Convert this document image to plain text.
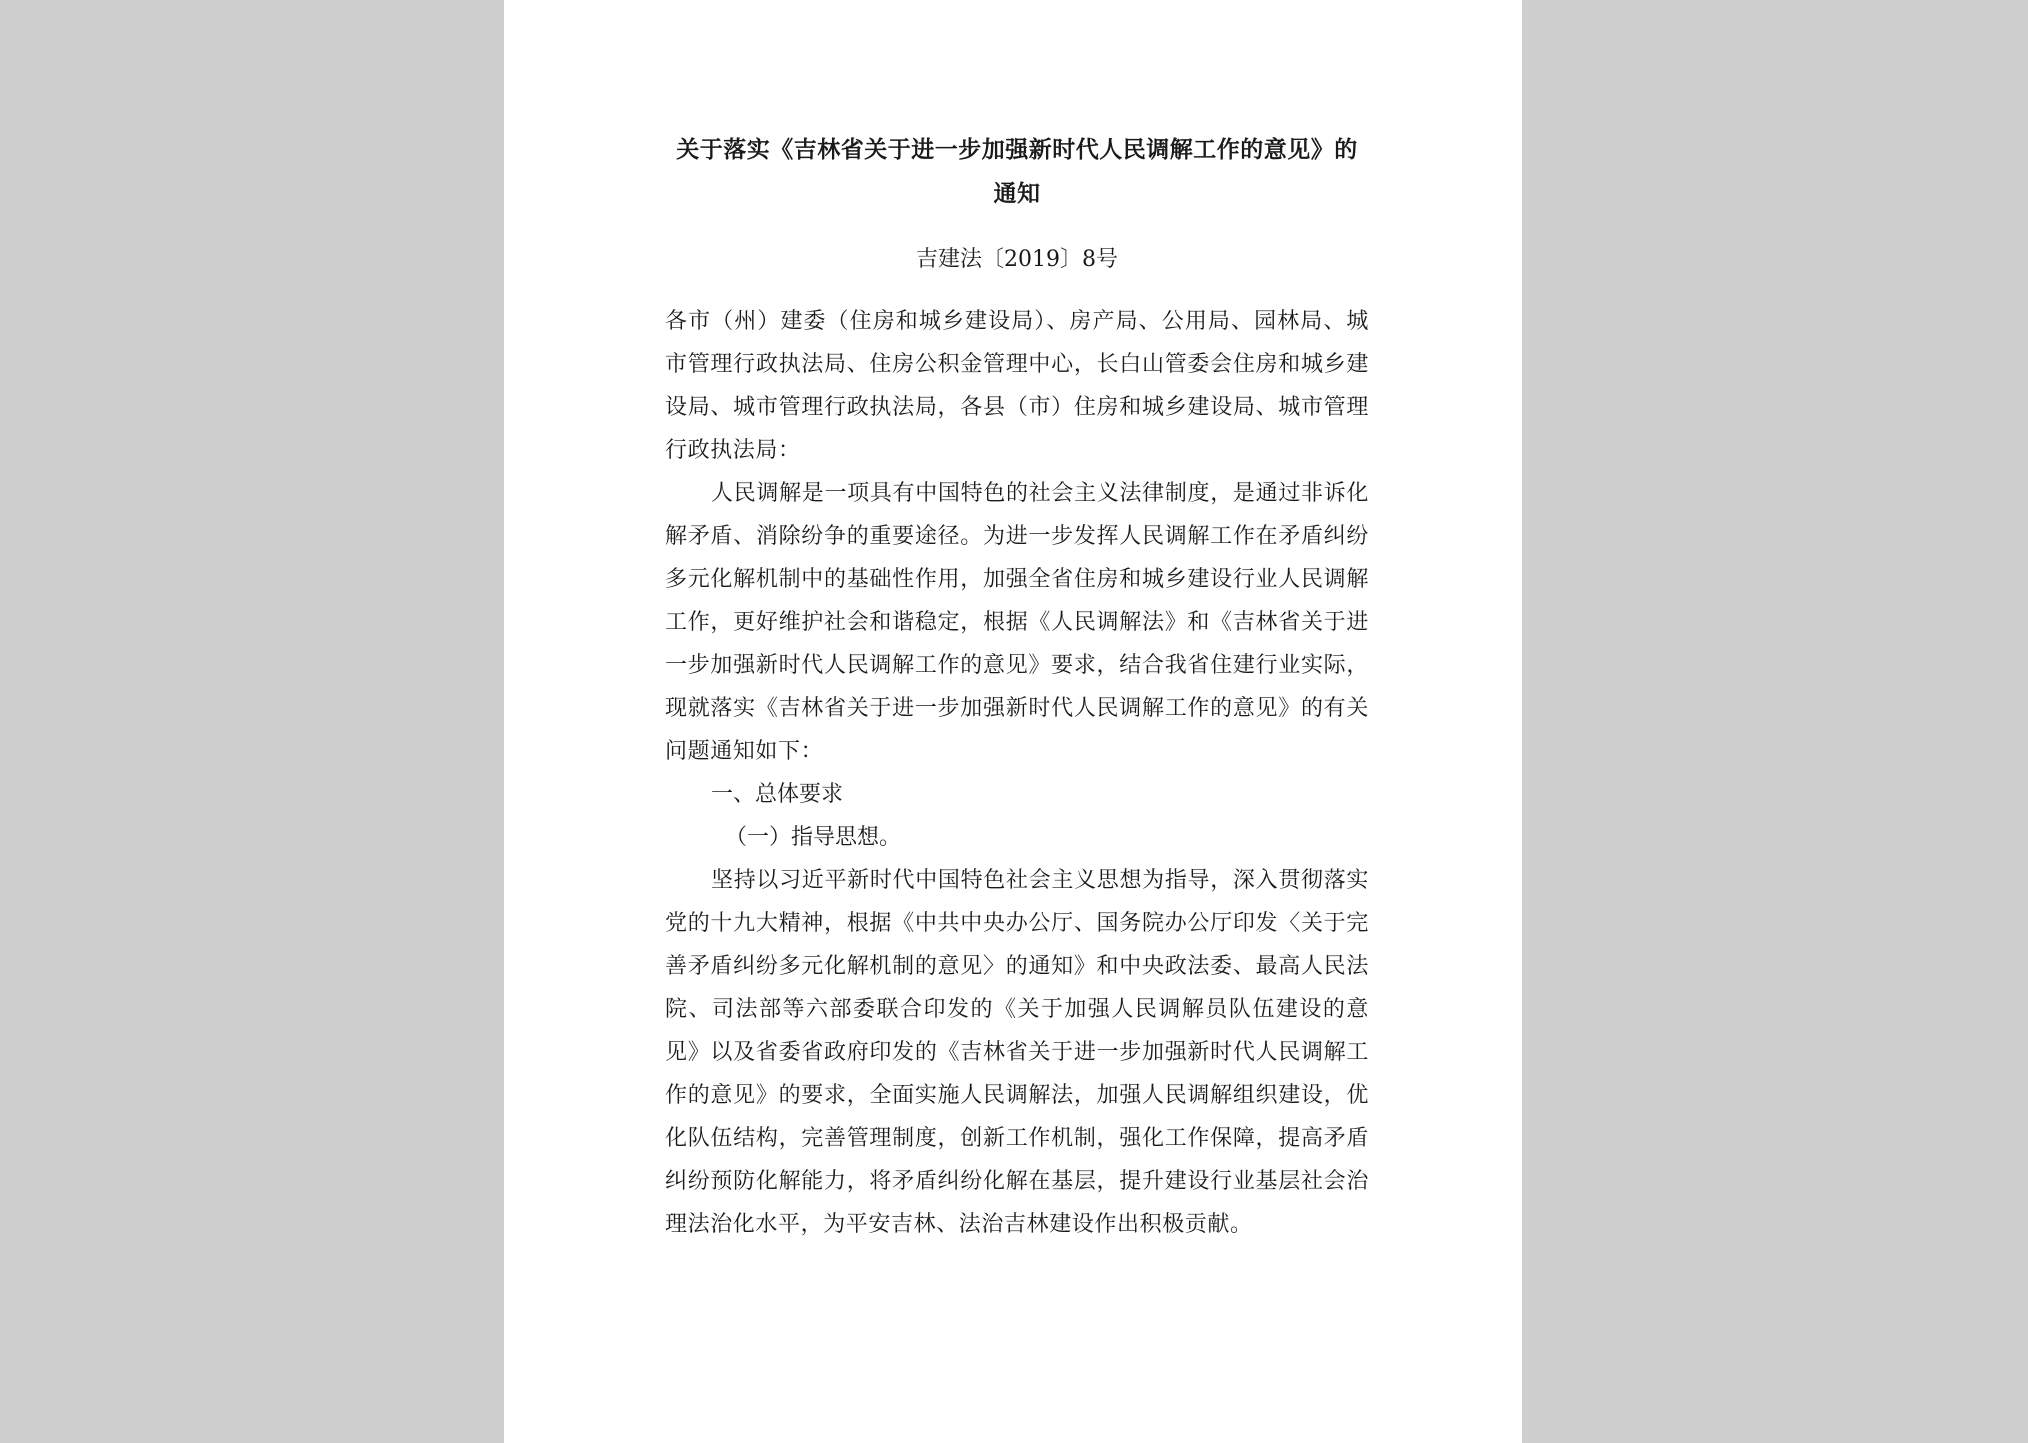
关于落实《吉林省关于进一步加强新时代人民调解工作的意见》的

通知

吉建法〔2019〕8号

各市（州）建委（住房和城乡建设局）、房产局、公用局、园林局、城市管理行政执法局、住房公积金管理中心，长白山管委会住房和城乡建设局、城市管理行政执法局，各县（市）住房和城乡建设局、城市管理行政执法局：

人民调解是一项具有中国特色的社会主义法律制度，是通过非诉化解矛盾、消除纷争的重要途径。为进一步发挥人民调解工作在矛盾纠纷多元化解机制中的基础性作用，加强全省住房和城乡建设行业人民调解工作，更好维护社会和谐稳定，根据《人民调解法》和《吉林省关于进一步加强新时代人民调解工作的意见》要求，结合我省住建行业实际，现就落实《吉林省关于进一步加强新时代人民调解工作的意见》的有关问题通知如下：

一、总体要求

（一）指导思想。

坚持以习近平新时代中国特色社会主义思想为指导，深入贯彻落实党的十九大精神，根据《中共中央办公厅、国务院办公厅印发〈关于完善矛盾纠纷多元化解机制的意见〉的通知》和中央政法委、最高人民法院、司法部等六部委联合印发的《关于加强人民调解员队伍建设的意见》以及省委省政府印发的《吉林省关于进一步加强新时代人民调解工作的意见》的要求，全面实施人民调解法，加强人民调解组织建设，优化队伍结构，完善管理制度，创新工作机制，强化工作保障，提高矛盾纠纷预防化解能力，将矛盾纠纷化解在基层，提升建设行业基层社会治理法治化水平，为平安吉林、法治吉林建设作出积极贡献。
